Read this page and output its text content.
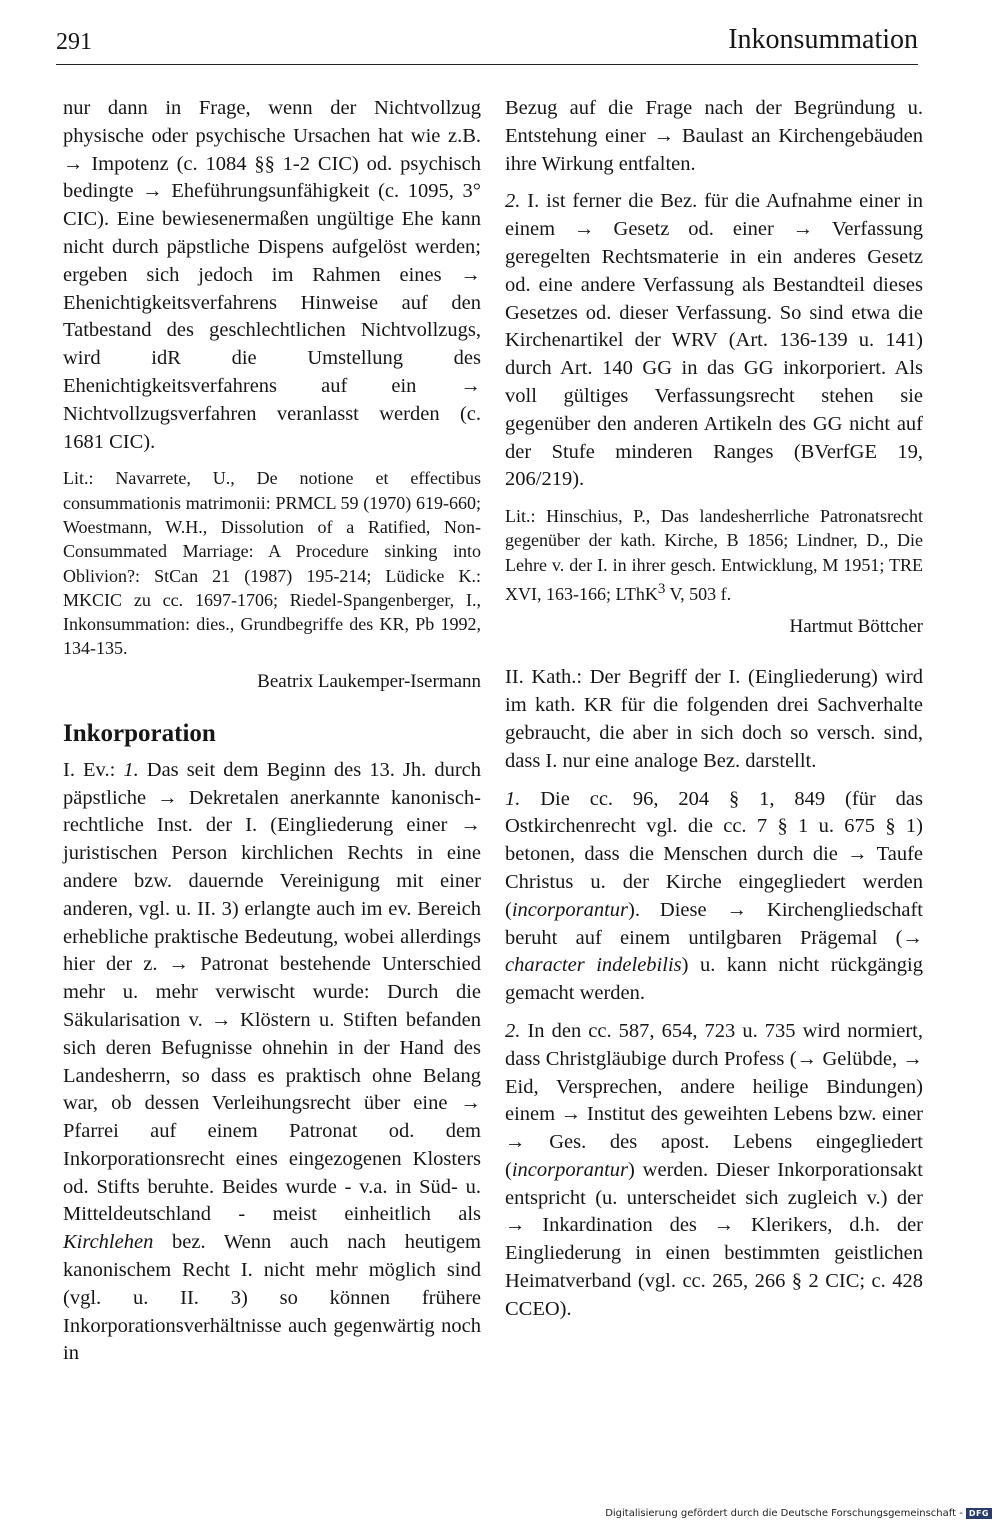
291	Inkonsummation

nur dann in Frage, wenn der Nichtvollzug physische oder psychische Ursachen hat wie z.B. → Impotenz (c. 1084 §§ 1-2 CIC) od. psychisch bedingte → Eheführungsunfähigkeit (c. 1095, 3° CIC). Eine bewiesenermaßen ungültige Ehe kann nicht durch päpstliche Dispens aufgelöst werden; ergeben sich jedoch im Rahmen eines → Ehenichtigkeitsverfahrens Hinweise auf den Tatbestand des geschlechtlichen Nichtvollzugs, wird idR die Umstellung des Ehenichtigkeitsverfahrens auf ein → Nichtvollzugsverfahren veranlasst werden (c. 1681 CIC).

Lit.: Navarrete, U., De notione et effectibus consummationis matrimonii: PRMCL 59 (1970) 619-660; Woestmann, W.H., Dissolution of a Ratified, Non-Consummated Marriage: A Procedure sinking into Oblivion?: StCan 21 (1987) 195-214; Lüdicke K.: MKCIC zu cc. 1697-1706; Riedel-Spangenberger, I., Inkonsummation: dies., Grundbegriffe des KR, Pb 1992, 134-135.

Beatrix Laukemper-Isermann

Inkorporation

I. Ev.: 1. Das seit dem Beginn des 13. Jh. durch päpstliche → Dekretalen anerkannte kanonisch-rechtliche Inst. der I. (Eingliederung einer → juristischen Person kirchlichen Rechts in eine andere bzw. dauernde Vereinigung mit einer anderen, vgl. u. II. 3) erlangte auch im ev. Bereich erhebliche praktische Bedeutung, wobei allerdings hier der z. → Patronat bestehende Unterschied mehr u. mehr verwischt wurde: Durch die Säkularisation v. → Klöstern u. Stiften befanden sich deren Befugnisse ohnehin in der Hand des Landesherrn, so dass es praktisch ohne Belang war, ob dessen Verleihungsrecht über eine → Pfarrei auf einem Patronat od. dem Inkorporationsrecht eines eingezogenen Klosters od. Stifts beruhte. Beides wurde - v.a. in Süd- u. Mitteldeutschland - meist einheitlich als Kirchlehen bez. Wenn auch nach heutigem kanonischem Recht I. nicht mehr möglich sind (vgl. u. II. 3) so können frühere Inkorporationsverhältnisse auch gegenwärtig noch in

Bezug auf die Frage nach der Begründung u. Entstehung einer → Baulast an Kirchengebäuden ihre Wirkung entfalten.

2. I. ist ferner die Bez. für die Aufnahme einer in einem → Gesetz od. einer → Verfassung geregelten Rechtsmaterie in ein anderes Gesetz od. eine andere Verfassung als Bestandteil dieses Gesetzes od. dieser Verfassung. So sind etwa die Kirchenartikel der WRV (Art. 136-139 u. 141) durch Art. 140 GG in das GG inkorporiert. Als voll gültiges Verfassungsrecht stehen sie gegenüber den anderen Artikeln des GG nicht auf der Stufe minderen Ranges (BVerfGE 19, 206/219).

Lit.: Hinschius, P., Das landesherrliche Patronatsrecht gegenüber der kath. Kirche, B 1856; Lindner, D., Die Lehre v. der I. in ihrer gesch. Entwicklung, M 1951; TRE XVI, 163-166; LThK$^3$ V, 503 f.

Hartmut Böttcher

II. Kath.: Der Begriff der I. (Eingliederung) wird im kath. KR für die folgenden drei Sachverhalte gebraucht, die aber in sich doch so versch. sind, dass I. nur eine analoge Bez. darstellt.

1. Die cc. 96, 204 § 1, 849 (für das Ostkirchenrecht vgl. die cc. 7 § 1 u. 675 § 1) betonen, dass die Menschen durch die → Taufe Christus u. der Kirche eingegliedert werden (incorporantur). Diese → Kirchengliedschaft beruht auf einem untilgbaren Prägemal (→ character indelebilis) u. kann nicht rückgängig gemacht werden.

2. In den cc. 587, 654, 723 u. 735 wird normiert, dass Christgläubige durch Profess (→ Gelübde, → Eid, Versprechen, andere heilige Bindungen) einem → Institut des geweihten Lebens bzw. einer → Ges. des apost. Lebens eingegliedert (incorporantur) werden. Dieser Inkorporationsakt entspricht (u. unterscheidet sich zugleich v.) der → Inkardination des → Klerikers, d.h. der Eingliederung in einen bestimmten geistlichen Heimatverband (vgl. cc. 265, 266 § 2 CIC; c. 428 CCEO).

Digitalisierung gefördert durch die Deutsche Forschungsgemeinschaft - DFG
